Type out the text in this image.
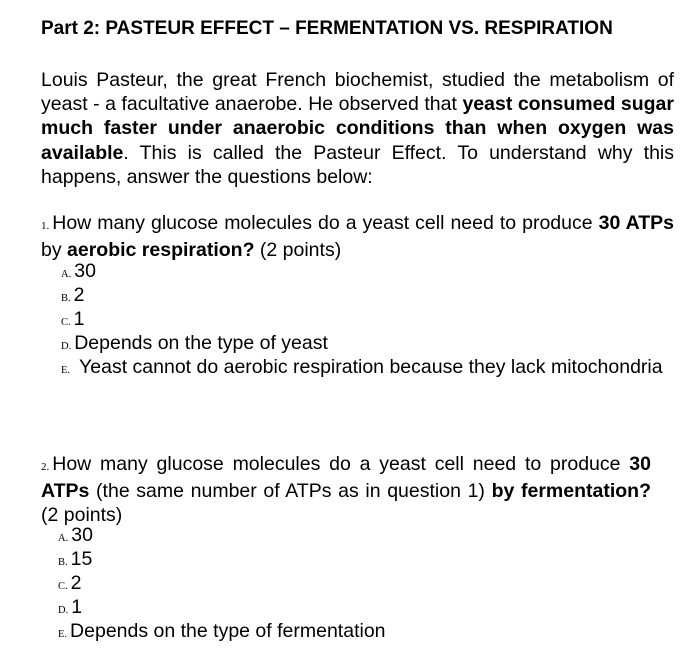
Part 2: PASTEUR EFFECT – FERMENTATION VS. RESPIRATION
Louis Pasteur, the great French biochemist, studied the metabolism of yeast - a facultative anaerobe. He observed that yeast consumed sugar much faster under anaerobic conditions than when oxygen was available. This is called the Pasteur Effect. To understand why this happens, answer the questions below:
1. How many glucose molecules do a yeast cell need to produce 30 ATPs by aerobic respiration? (2 points)
A. 30
B. 2
C. 1
D. Depends on the type of yeast
E. Yeast cannot do aerobic respiration because they lack mitochondria
2. How many glucose molecules do a yeast cell need to produce 30 ATPs (the same number of ATPs as in question 1) by fermentation? (2 points)
A. 30
B. 15
C. 2
D. 1
E. Depends on the type of fermentation
